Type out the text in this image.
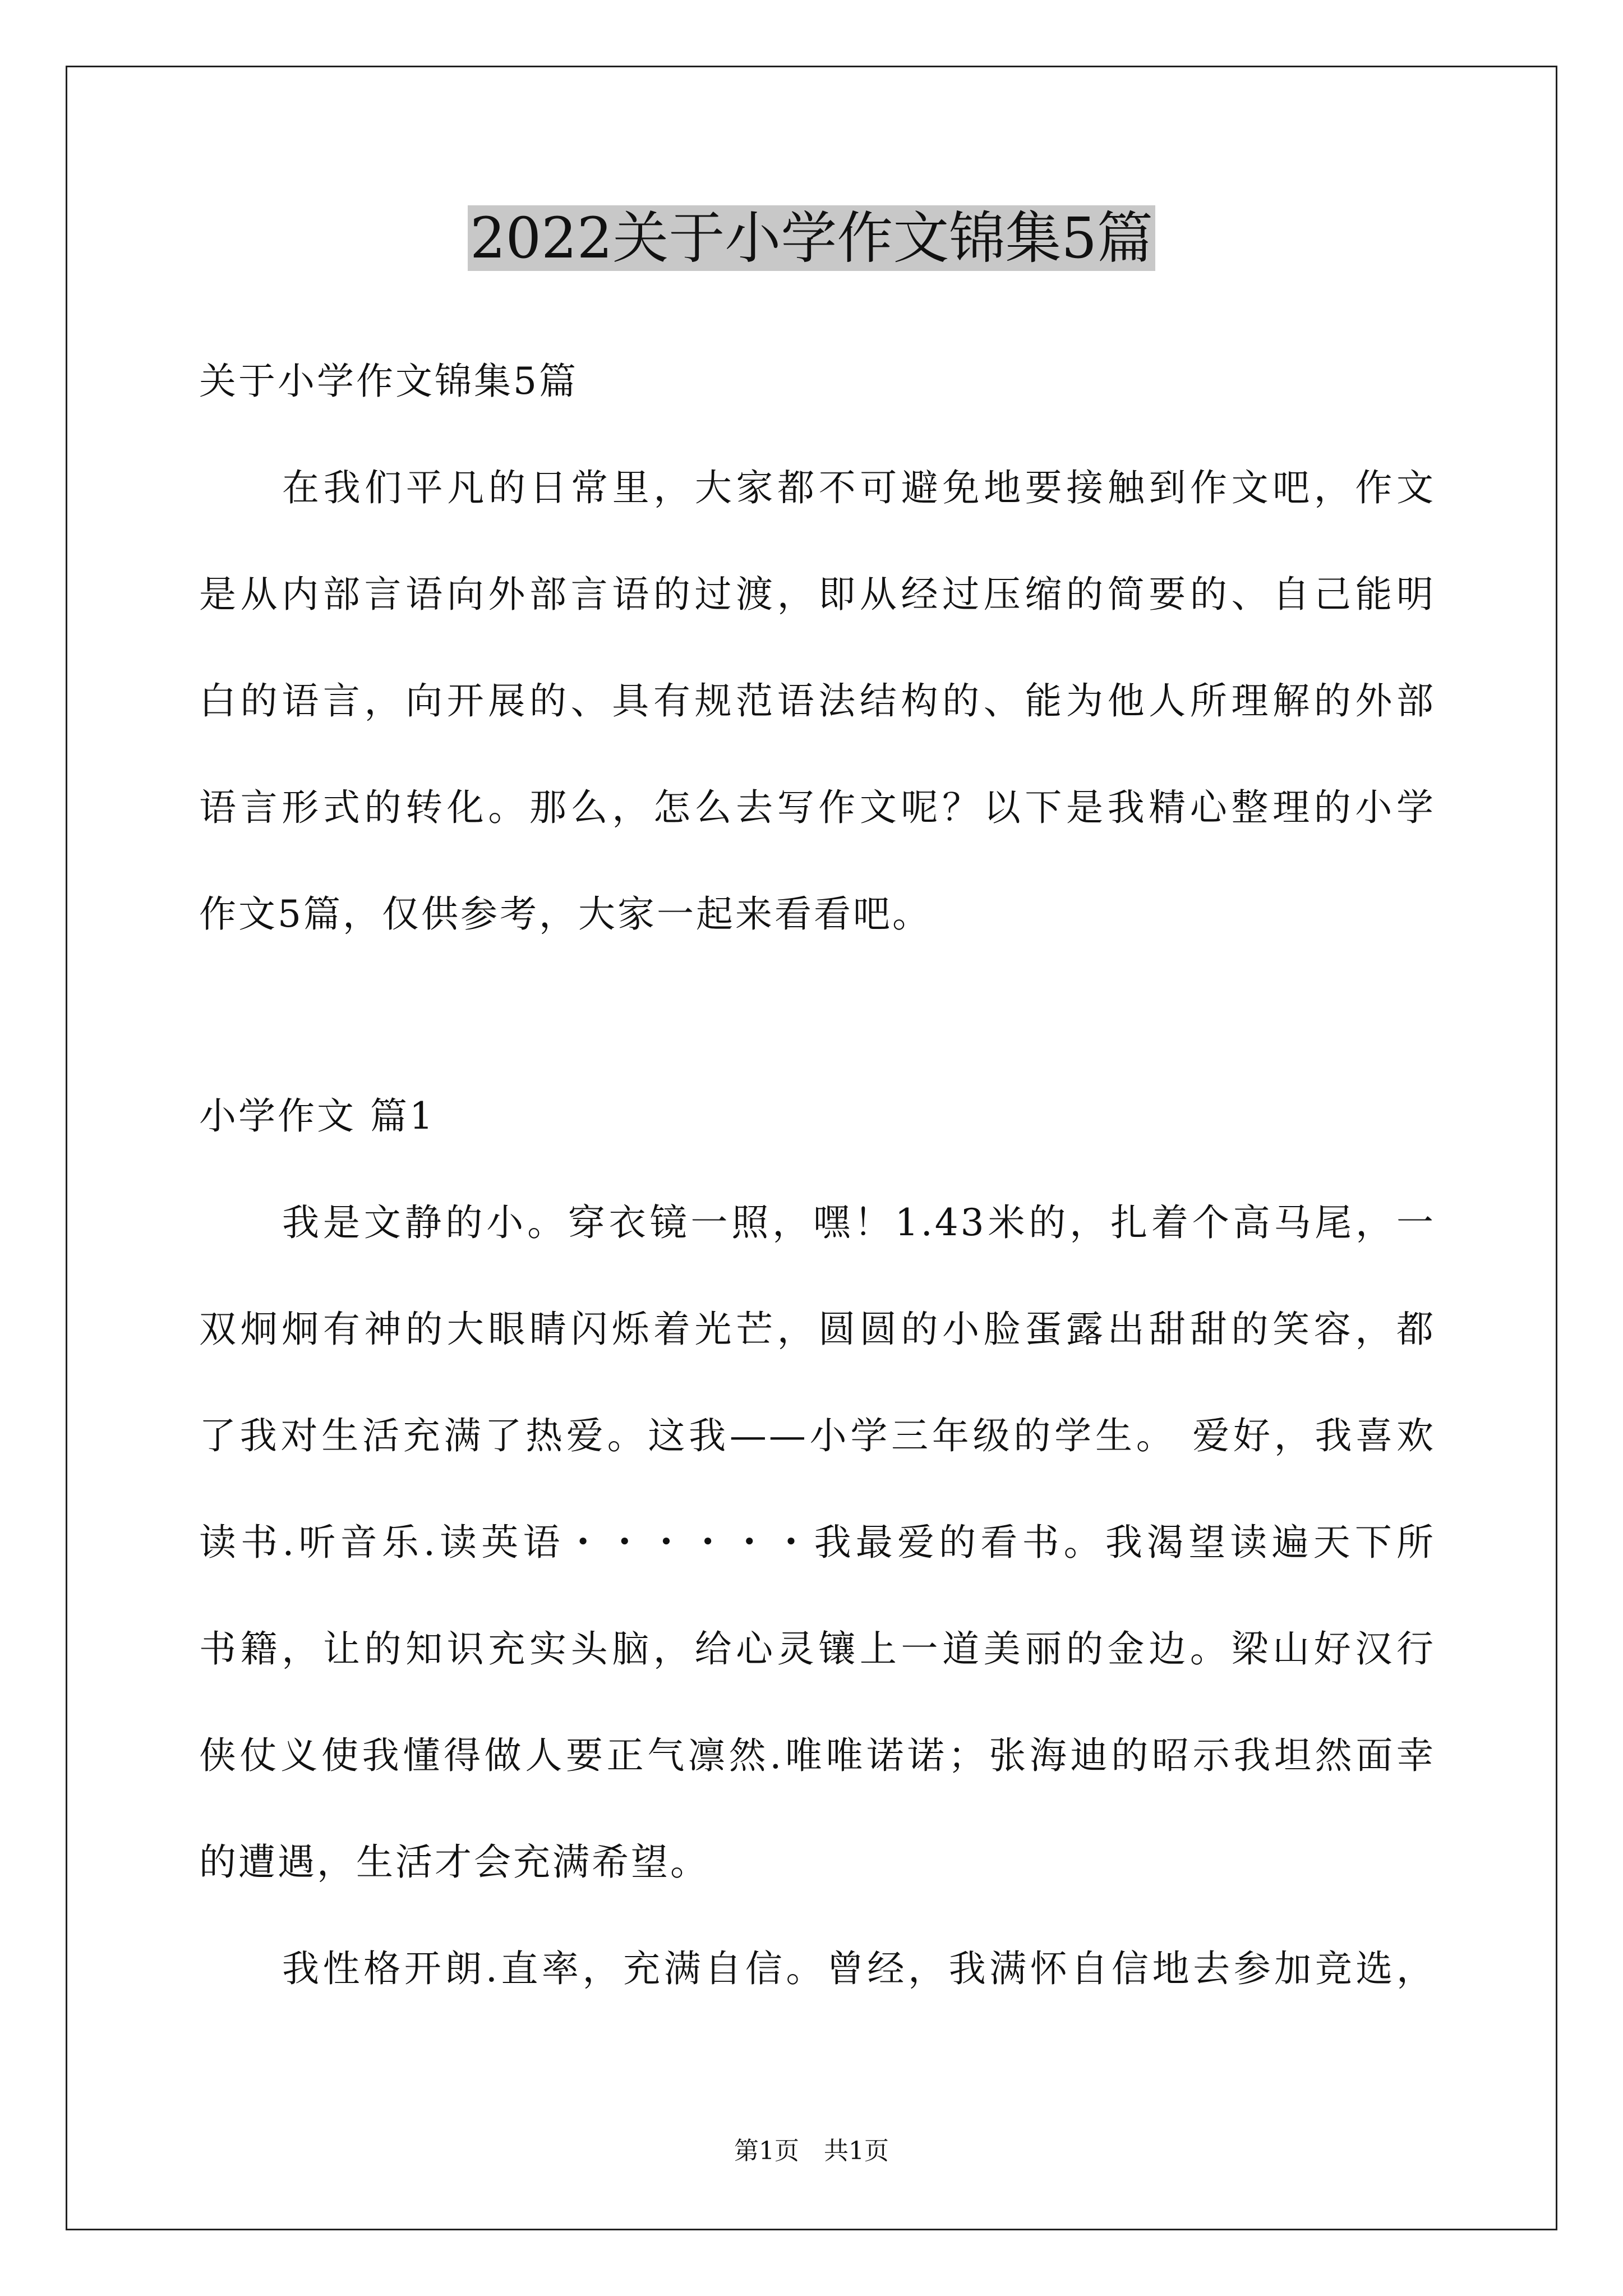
2022关于小学作文锦集5篇
关于小学作文锦集5篇
在我们平凡的日常里，大家都不可避免地要接触到作文吧，作文
是从内部言语向外部言语的过渡，即从经过压缩的简要的、自己能明
白的语言，向开展的、具有规范语法结构的、能为他人所理解的外部
语言形式的转化。那么，怎么去写作文呢？以下是我精心整理的小学
作文5篇，仅供参考，大家一起来看看吧。
小学作文 篇1
我是文静的小。穿衣镜一照，嘿！1.43米的，扎着个高马尾，一
双炯炯有神的大眼睛闪烁着光芒，圆圆的小脸蛋露出甜甜的笑容，都
了我对生活充满了热爱。这我——小学三年级的学生。 爱好，我喜欢
读书.听音乐.读英语・・・・・・我最爱的看书。我渴望读遍天下所
书籍，让的知识充实头脑，给心灵镶上一道美丽的金边。梁山好汉行
侠仗义使我懂得做人要正气凛然.唯唯诺诺；张海迪的昭示我坦然面幸
的遭遇，生活才会充满希望。
我性格开朗.直率，充满自信。曾经，我满怀自信地去参加竞选，
第1页　共1页
